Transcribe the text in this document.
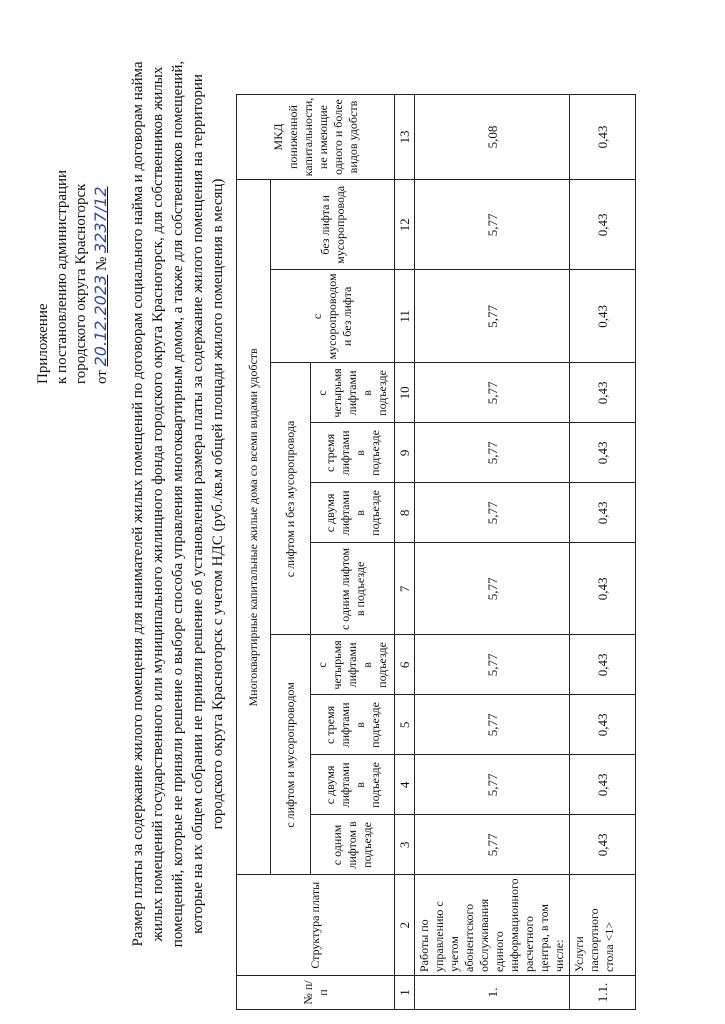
Приложение к постановлению администрации городского округа Красногорск от 20.12.2023 № 3237/12 Размер платы за содержание жилого помещения для нанимателей жилых помещений по договорам социального найма и договорам найма жилых помещений государственного или муниципального жилищного фонда городского округа Красногорск, для собственников жилых помещений, которые не приняли решение о выборе способа управления многоквартирным домом, а также для собственников помещений, которые на их общем собрании не приняли решение об установлении размера платы за содержание жилого помещения на территории городского округа Красногорск с учетом НДС (руб./кв.м общей площади жилого помещения в месяц)
№ п/п	Структура платы	Многоквартирные капитальные жилые дома со всеми видами удобств										МКД пониженной капитальности, не имеющие одного и более видов удобств
		с лифтом и мусоропроводом				с лифтом и без мусоропровода				с мусоропроводом и без лифта	без лифта и мусоропровода	
		с одним лифтом в подъезде	с двумя лифтами в подъезде	с тремя лифтами в подъезде	с четырьмя лифтами в подъезде	с одним лифтом в подъезде	с двумя лифтами в подъезде	с тремя лифтами в подъезде	с четырьмя лифтами в подъезде			
1	2	3	4	5	6	7	8	9	10	11	12	13
1.	Работы по управлению с учетом абонентского обслуживания единого информационного расчетного центра, в том числе:	5,77	5,77	5,77	5,77	5,77	5,77	5,77	5,77	5,77	5,77	5,08
1.1.	Услуги паспортного стола <1>	0,43	0,43	0,43	0,43	0,43	0,43	0,43	0,43	0,43	0,43	0,43
